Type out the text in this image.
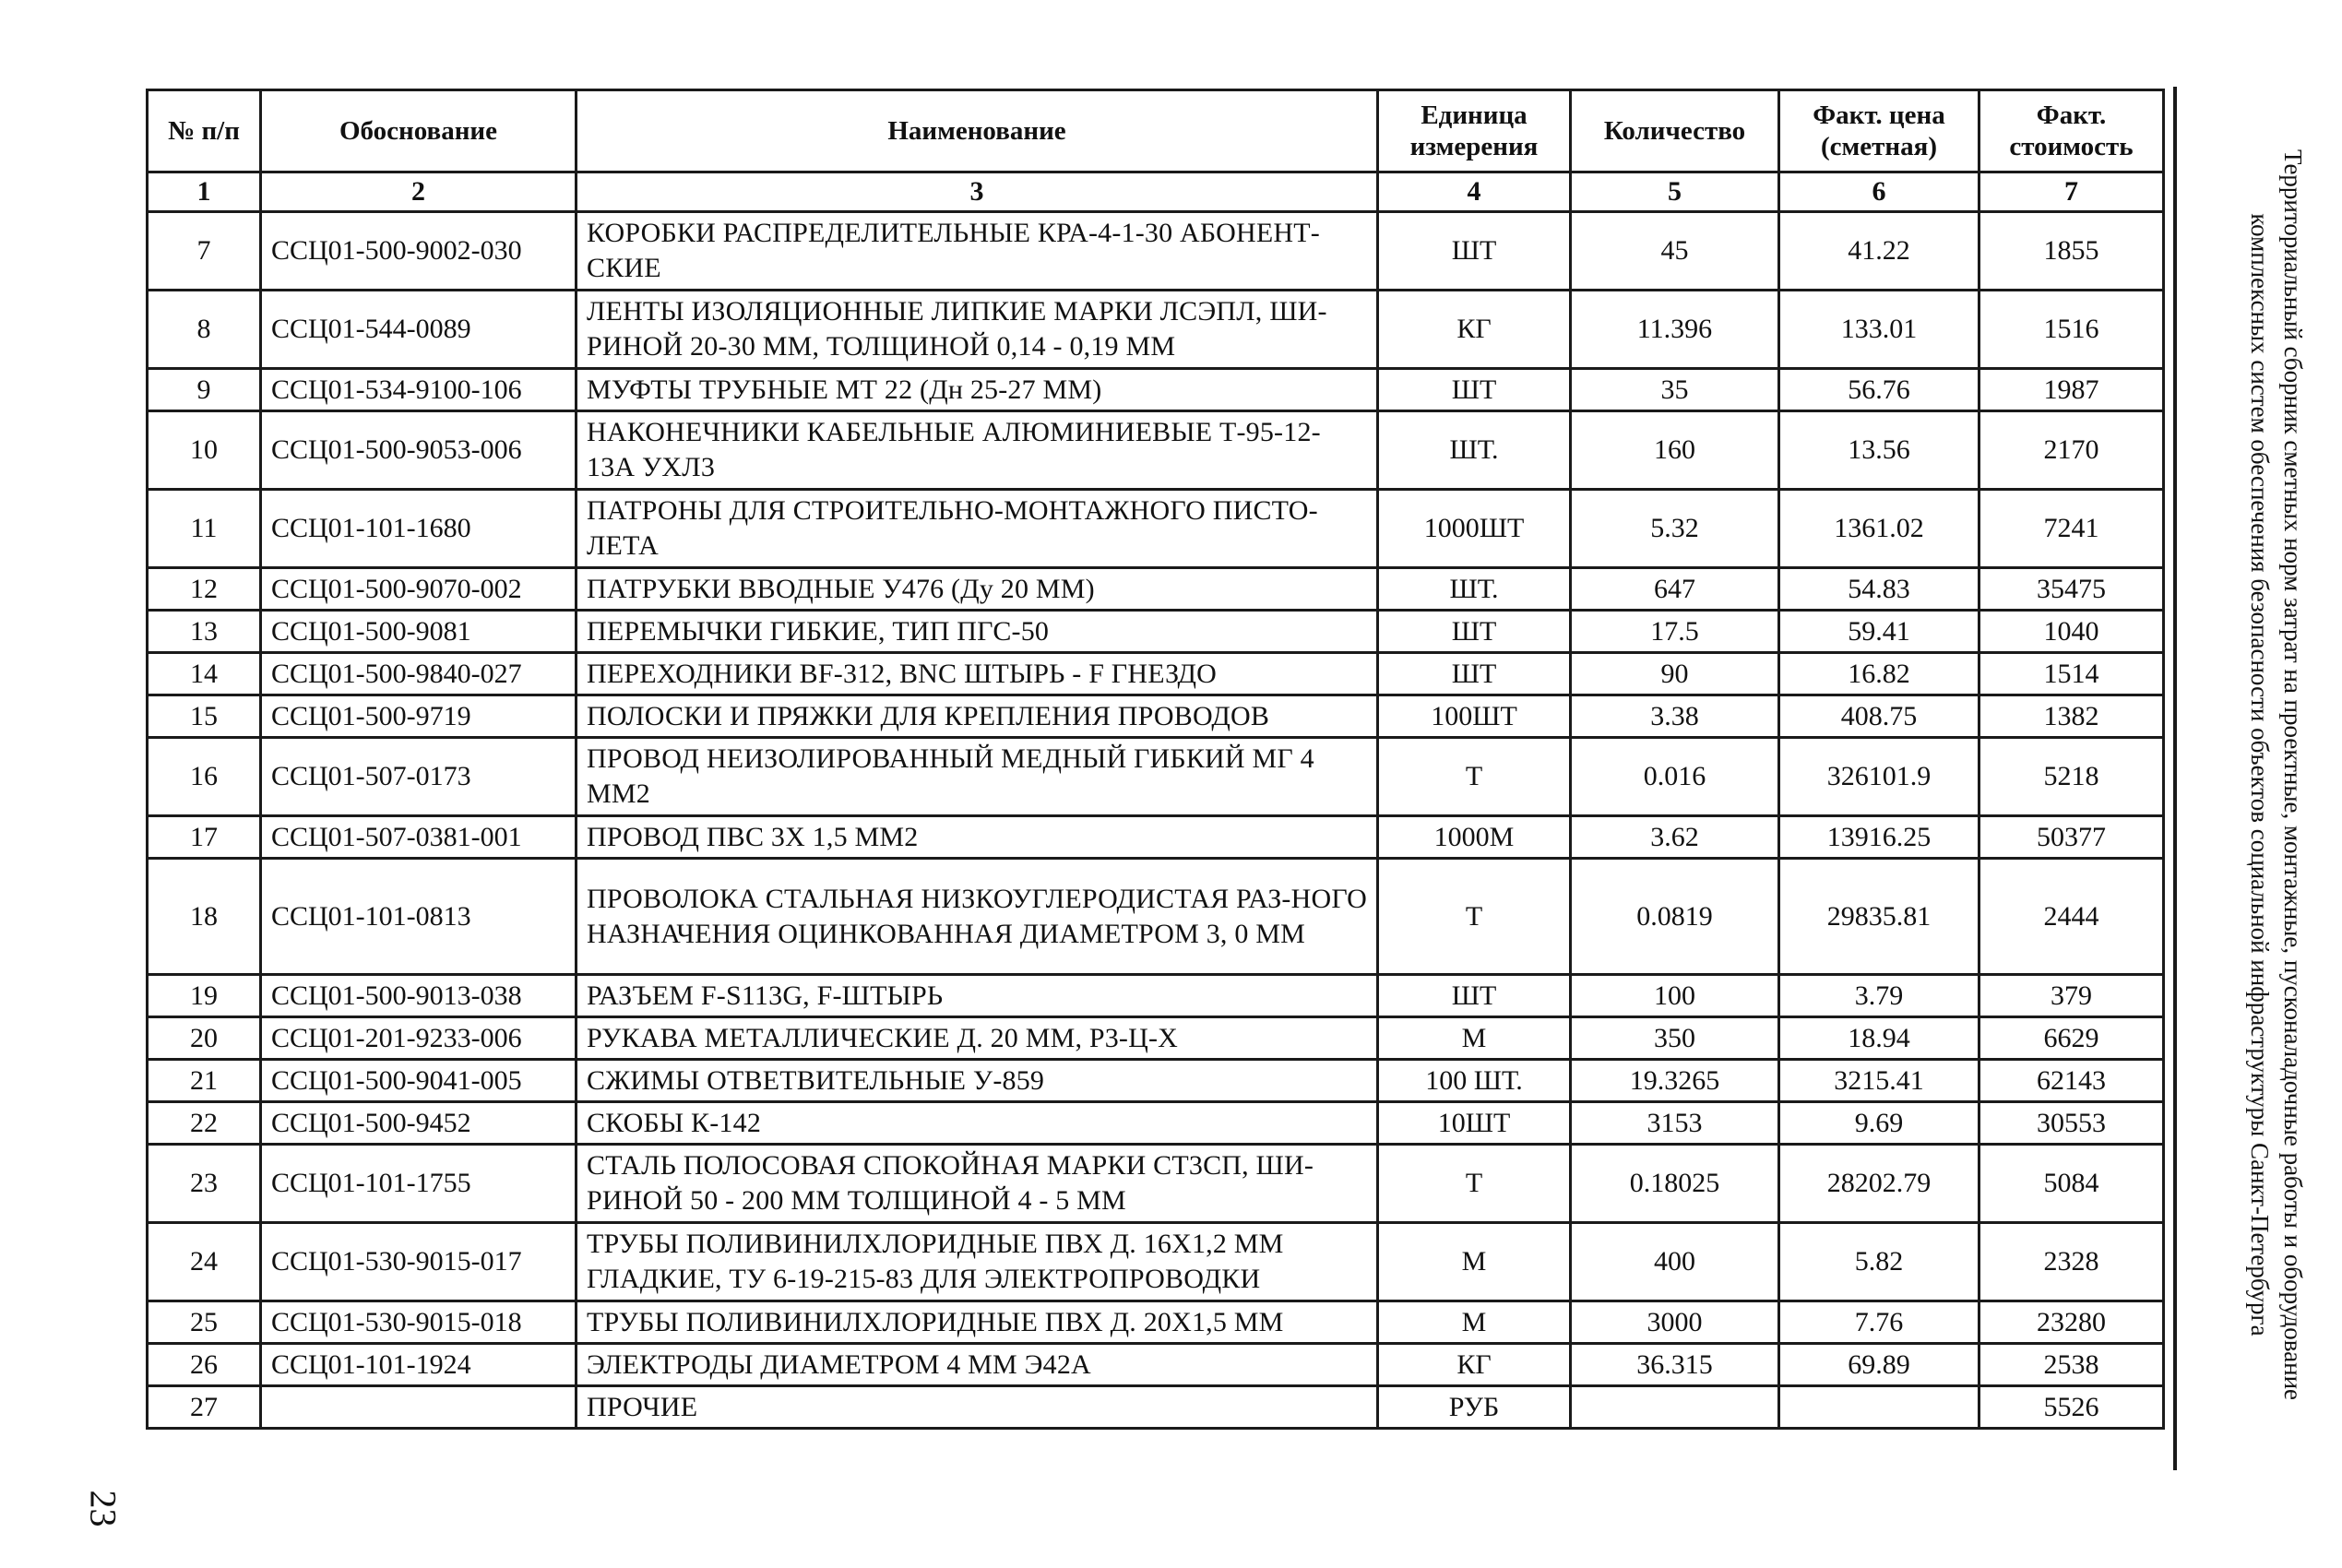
№ п/п	Обоснование	Наименование	Единица измерения	Количество	Факт. цена (сметная)	Факт. стоимость
1	2	3	4	5	6	7
7	ССЦ01-500-9002-030	КОРОБКИ РАСПРЕДЕЛИТЕЛЬНЫЕ КРА-4-1-30 АБОНЕНТ-СКИЕ	ШТ	45	41.22	1855
8	ССЦ01-544-0089	ЛЕНТЫ ИЗОЛЯЦИОННЫЕ ЛИПКИЕ МАРКИ ЛСЭПЛ, ШИ-РИНОЙ 20-30 ММ, ТОЛЩИНОЙ 0,14 - 0,19 ММ	КГ	11.396	133.01	1516
9	ССЦ01-534-9100-106	МУФТЫ ТРУБНЫЕ МТ 22 (Дн 25-27 ММ)	ШТ	35	56.76	1987
10	ССЦ01-500-9053-006	НАКОНЕЧНИКИ КАБЕЛЬНЫЕ АЛЮМИНИЕВЫЕ Т-95-12-13А УХЛ3	ШТ.	160	13.56	2170
11	ССЦ01-101-1680	ПАТРОНЫ ДЛЯ СТРОИТЕЛЬНО-МОНТАЖНОГО ПИСТО-ЛЕТА	1000ШТ	5.32	1361.02	7241
12	ССЦ01-500-9070-002	ПАТРУБКИ ВВОДНЫЕ У476 (Ду 20 ММ)	ШТ.	647	54.83	35475
13	ССЦ01-500-9081	ПЕРЕМЫЧКИ ГИБКИЕ, ТИП ПГС-50	ШТ	17.5	59.41	1040
14	ССЦ01-500-9840-027	ПЕРЕХОДНИКИ BF-312, BNC ШТЫРЬ - F ГНЕЗДО	ШТ	90	16.82	1514
15	ССЦ01-500-9719	ПОЛОСКИ И ПРЯЖКИ ДЛЯ КРЕПЛЕНИЯ ПРОВОДОВ	100ШТ	3.38	408.75	1382
16	ССЦ01-507-0173	ПРОВОД НЕИЗОЛИРОВАННЫЙ МЕДНЫЙ ГИБКИЙ МГ 4 ММ2	Т	0.016	326101.9	5218
17	ССЦ01-507-0381-001	ПРОВОД ПВС 3Х 1,5 ММ2	1000М	3.62	13916.25	50377
18	ССЦ01-101-0813	ПРОВОЛОКА СТАЛЬНАЯ НИЗКОУГЛЕРОДИСТАЯ РАЗ-НОГО НАЗНАЧЕНИЯ ОЦИНКОВАННАЯ ДИАМЕТРОМ 3, 0 ММ	Т	0.0819	29835.81	2444
19	ССЦ01-500-9013-038	РАЗЪЕМ F-S113G, F-ШТЫРЬ	ШТ	100	3.79	379
20	ССЦ01-201-9233-006	РУКАВА МЕТАЛЛИЧЕСКИЕ Д. 20 ММ, Р3-Ц-Х	М	350	18.94	6629
21	ССЦ01-500-9041-005	СЖИМЫ ОТВЕТВИТЕЛЬНЫЕ У-859	100 ШТ.	19.3265	3215.41	62143
22	ССЦ01-500-9452	СКОБЫ К-142	10ШТ	3153	9.69	30553
23	ССЦ01-101-1755	СТАЛЬ ПОЛОСОВАЯ СПОКОЙНАЯ МАРКИ СТ3СП, ШИ-РИНОЙ 50 - 200 ММ ТОЛЩИНОЙ 4 - 5 ММ	Т	0.18025	28202.79	5084
24	ССЦ01-530-9015-017	ТРУБЫ ПОЛИВИНИЛХЛОРИДНЫЕ ПВХ Д. 16Х1,2 ММ ГЛАДКИЕ, ТУ 6-19-215-83 ДЛЯ ЭЛЕКТРОПРОВОДКИ	М	400	5.82	2328
25	ССЦ01-530-9015-018	ТРУБЫ ПОЛИВИНИЛХЛОРИДНЫЕ ПВХ Д. 20Х1,5 ММ	М	3000	7.76	23280
26	ССЦ01-101-1924	ЭЛЕКТРОДЫ ДИАМЕТРОМ 4 ММ Э42А	КГ	36.315	69.89	2538
27		ПРОЧИЕ	РУБ			5526
Территориальный сборник сметных норм затрат на проектные, монтажные, пусконаладочные работы и оборудование
комплексных систем обеспечения безопасности объектов социальной инфраструктуры Санкт-Петербурга
23
